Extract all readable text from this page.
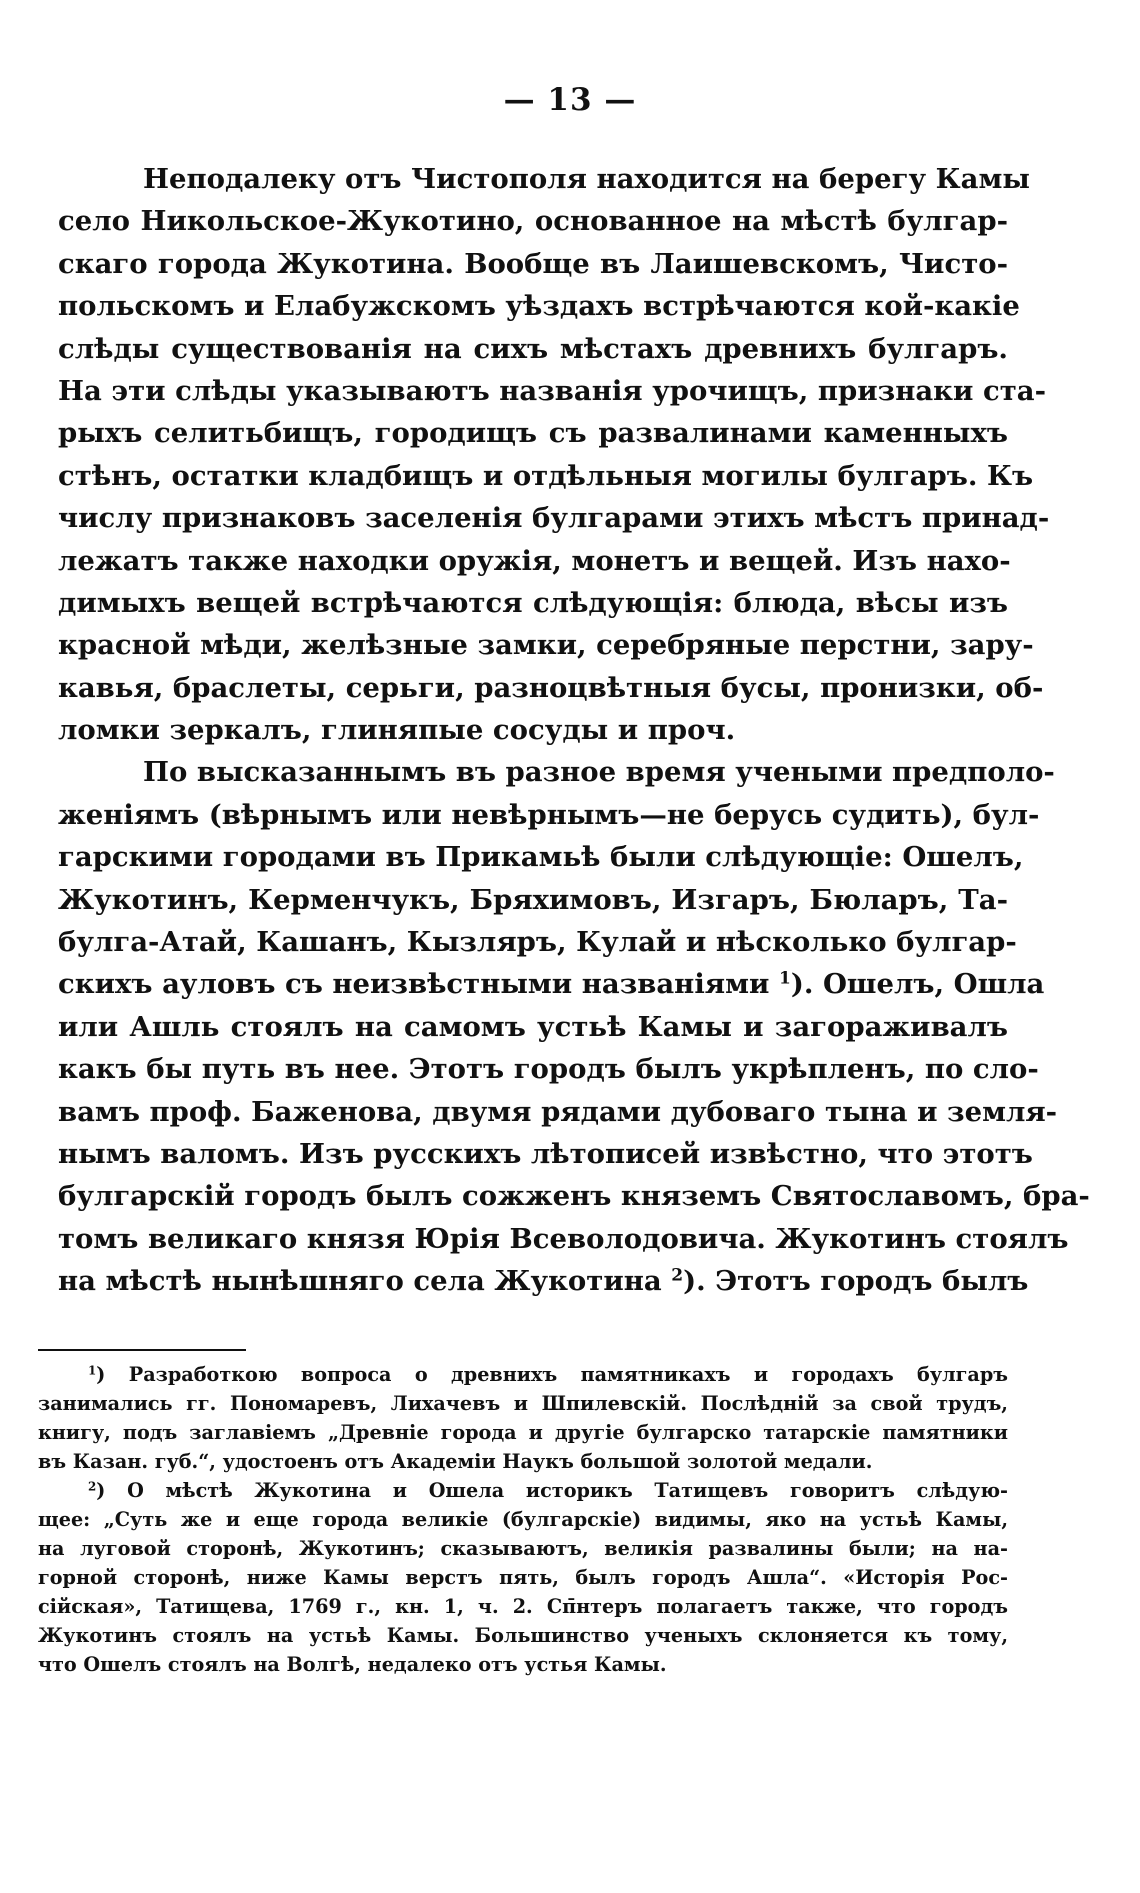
— 13 —
Неподалеку отъ Чистополя находится на берегу Камы
село Никольское-Жукотино, основанное на мѣстѣ булгар-
скаго города Жукотина. Вообще въ Лаишевскомъ, Чисто-
польскомъ и Елабужскомъ уѣздахъ встрѣчаются кой-какіе
слѣды существованія на сихъ мѣстахъ древнихъ булгаръ.
На эти слѣды указываютъ названія урочищъ, признаки ста-
рыхъ селитьбищъ, городищъ съ развалинами каменныхъ
стѣнъ, остатки кладбищъ и отдѣльныя могилы булгаръ. Къ
числу признаковъ заселенія булгарами этихъ мѣстъ принад-
лежатъ также находки оружія, монетъ и вещей. Изъ нахо-
димыхъ вещей встрѣчаются слѣдующія: блюда, вѣсы изъ
красной мѣди, желѣзные замки, серебряные перстни, зару-
кавья, браслеты, серьги, разноцвѣтныя бусы, пронизки, об-
ломки зеркалъ, глиняпые сосуды и проч.
По высказаннымъ въ разное время учеными предполо-
женіямъ (вѣрнымъ или невѣрнымъ—не берусь судить), бул-
гарскими городами въ Прикамьѣ были слѣдующіе: Ошелъ,
Жукотинъ, Керменчукъ, Бряхимовъ, Изгаръ, Бюларъ, Та-
булга-Атай, Кашанъ, Кызляръ, Кулай и нѣсколько булгар-
скихъ ауловъ съ неизвѣстными названіями $^1$). Ошелъ, Ошла
или Ашль стоялъ на самомъ устьѣ Камы и загораживалъ
какъ бы путь въ нее. Этотъ городъ былъ укрѣпленъ, по сло-
вамъ проф. Баженова, двумя рядами дубоваго тына и земля-
нымъ валомъ. Изъ русскихъ лѣтописей извѣстно, что этотъ
булгарскій городъ былъ сожженъ княземъ Святославомъ, бра-
томъ великаго князя Юрія Всеволодовича. Жукотинъ стоялъ
на мѣстѣ нынѣшняго села Жукотина $^2$). Этотъ городъ былъ
$^1$) Разработкою вопроса о древнихъ памятникахъ и городахъ булгаръ
занимались гг. Пономаревъ, Лихачевъ и Шпилевскій. Послѣдній за свой трудъ,
книгу, подъ заглавіемъ „Древніе города и другіе булгарско татарскіе памятники
въ Казан. губ.“, удостоенъ отъ Академіи Наукъ большой золотой медали.
$^2$) О мѣстѣ Жукотина и Ошела историкъ Татищевъ говоритъ слѣдую-
щее: „Суть же и еще города великіе (булгарскіе) видимы, яко на устьѣ Камы,
на луговой сторонѣ, Жукотинъ; сказываютъ, великія развалины были; на на-
горной сторонѣ, ниже Камы верстъ пять, былъ городъ Ашла“. «Исторія Рос-
сійская», Татищева, 1769 г., кн. 1, ч. 2. Сп̄нтеръ полагаетъ также, что городъ
Жукотинъ стоялъ на устьѣ Камы. Большинство ученыхъ склоняется къ тому,
что Ошелъ стоялъ на Волгѣ, недалеко отъ устья Камы.
